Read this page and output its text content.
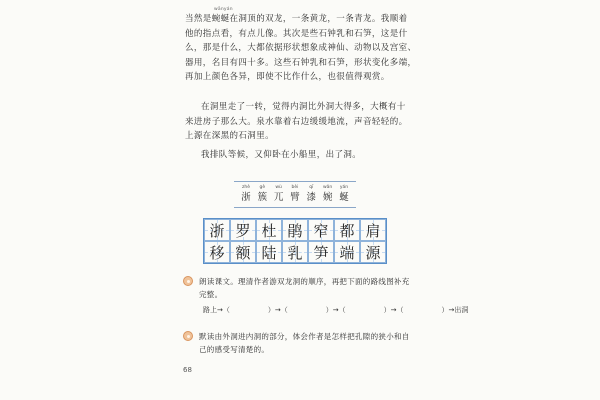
wānyán
当然是蜿蜒在洞顶的双龙，一条黄龙，一条青龙。我顺着
他的指点看，有点儿像。其次是些石钟乳和石笋，这是什
么，那是什么，大都依据形状想象成神仙、动物以及宫室、
器用，名目有四十多。这些石钟乳和石笋，形状变化多端，
再加上颜色各异，即使不比作什么，也很值得观赏。
在洞里走了一转，觉得内洞比外洞大得多，大概有十
来进房子那么大。泉水靠着右边缓缓地流，声音轻轻的。
上源在深黑的石洞里。
我排队等候，又仰卧在小船里，出了洞。
zhè
浙
gè
簇
wù
兀
bèi
臂
qī
漆
wǎn
婉
yán
蜒
浙 罗 杜 鹃 窄 都 肩
移 额 陆 乳 笋 端 源
朗读课文。理清作者游双龙洞的顺序，再把下面的路线图补充
完整。
路上→（	）→（	）→（	）→（	）→出洞
默读由外洞进内洞的部分，体会作者是怎样把孔隙的狭小和自
己的感受写清楚的。
68
